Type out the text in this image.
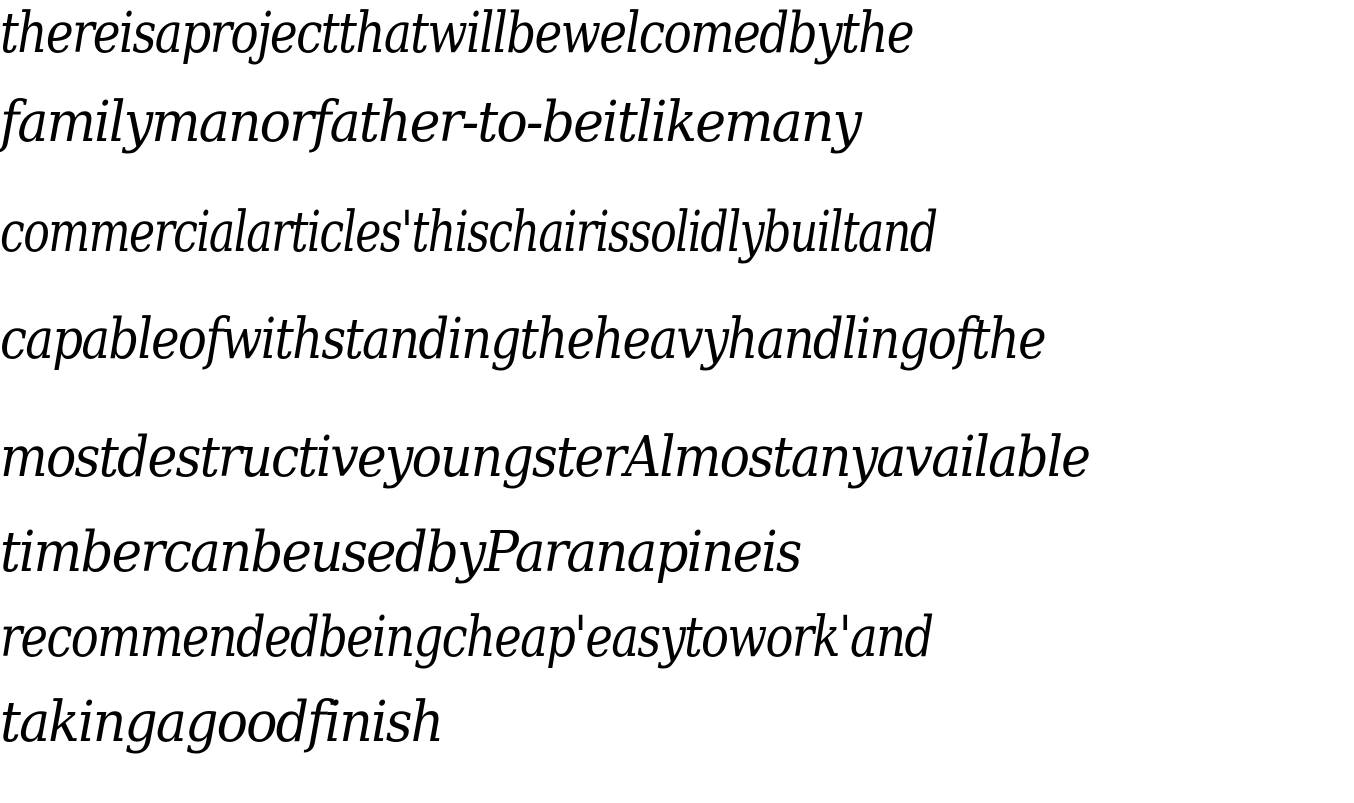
thereisaprojectthatwillbewelcomedbythe
familymanorfather-to-beitlikemany
commercialarticles'thischairissolidlybuiltand
capableofwithstandingtheheavyhandlingofthe
mostdestructiveyoungsterAlmostanyavailable
timbercanbeusedbyParanapineis
recommendedbeingcheap'easytowork'and
takingagoodfinish
